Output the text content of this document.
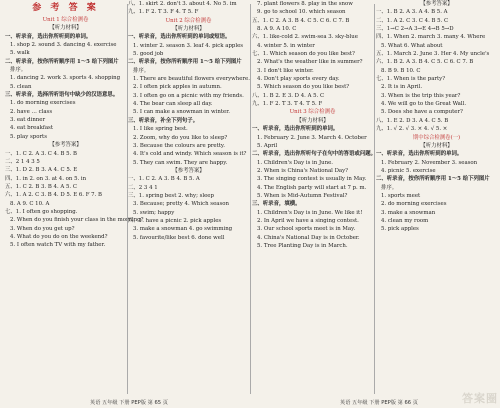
参 考 答 案
Unit 1 综合检测卷
【听力材料】
一、听录音，选出你所听到的单词。
1. shop 2. sound 3. dancing 4. exercise
5. walk
二、听录音，按你所听顺序用 1～5 给下列图片
排序。
1. dancing 2. work 3. sports 4. shopping
5. clean
三、听录音，选择所听语句中缺少的汉语意思。
1. do morning exercises
2. have … class
3. eat dinner
4. eat breakfast
5. play sports
【参考答案】
一、1. C 2. A 3. C 4. B 5. B
二、2 1 4 3 5
三、1. D 2. B 3. A 4. C 5. E
四、1. in 2. on 3. at 4. on 5. in
五、1. C 2. B 3. B 4. A 5. C
六、1. A 2. C 3. B 4. D 5. E 6. F 7. B
8. A 9. C 10. A
七、1. I often go shopping.
2. When do you finish your class in the morning?
3. When do you get up?
4. What do you do on the weekend?
5. I often watch TV with my father.
八、1. skirt 2. don't 3. about 4. No 5. im
九、1. F 2. T 3. F 4. T 5. F
Unit 2 综合检测卷
【听力材料】
一、听录音，选出你所听到的单词或短语。
1. winter 2. season 3. leaf 4. pick apples
5. good job
二、听录音，按你所听顺序用 1～5 给下列图片
排序。
1. There are beautiful flowers everywhere.
2. I often pick apples in autumn.
3. I often go on a picnic with my friends.
4. The bear can sleep all day.
5. I can make a snowman in winter.
三、听录音，补全下列句子。
1. I like spring best.
2. Zoom, why do you like to sleep?
3. Because the colours are pretty.
4. It's cold and windy. Which season is it?
5. They can swim. They are happy.
【参考答案】
一、1. C 2. A 3. B 4. B 5. A
二、2 3 4 1
三、1. spring best 2. why; sleep
3. Because; pretty 4. Which season
5. swim; happy
四、1. have a picnic 2. pick apples
3. make a snowman 4. go swimming
5. favourite/like best 6. done well
7. plant flowers 8. play in the snow
9. go to school 10. which season
五、1. C 2. A 3. B 4. C 5. C 6. C 7. B
8. A 9. A 10. C
六、1. like-cold 2. swim-sea 3. sky-blue
4. winter 5. in winter
七、1. Which season do you like best?
2. What's the weather like in summer?
3. I don't like winter.
4. Don't play sports every day.
5. Which season do you like best?
八、1. B 2. E 3. D 4. A 5. C
九、1. F 2. T 3. T 4. T 5. F
Unit 3 综合检测卷
【听力材料】
一、听录音，选出你所听到的单词。
1. February 2. June 3. March 4. October
5. April
二、听录音，选出你所听句子在句中的答语或问题。
1. Children's Day is in June.
2. When is China's National Day?
3. The singing contest is usually in May.
4. The English party will start at 7 p. m.
5. When is Mid-Autumn Festival?
三、听录音，填横。
1. Children's Day is in June. We like it!
2. In April we have a singing contest.
3. Our school sports meet is in May.
4. China's National Day is in October.
5. Tree Planting Day is in March.
【参考答案】
一、1. B 2. A 3. A 4. B 5. A
二、1. A 2. C 3. C 4. B 5. C
三、1→C 2→A 3→E 4→B 5→D
四、1. When 2. march 3. many 4. Where
5. What 6. What about
五、1. March 2. June 3. Her 4. My uncle's
六、1. B 2. A 3. B 4. C 5. C 6. C 7. B
8. B 9. B 10. C
七、1. When is the party?
2. It is in April.
3. When is the trip this year?
4. We will go to the Great Wall.
5. Does she have a computer?
八、1. E 2. D 3. A 4. C 5. B
九、1. √ 2. √ 3. × 4. √ 5. ×
期中综合检测卷(一)
【听力材料】
一、听录音，选出你所听到的单词。
1. February 2. November 3. season
4. picnic 5. exercise
二、听录音，按你所听顺序用 1～5 给下列图片
排序。
1. sports meet
2. do morning exercises
3. make a snowman
4. clean my room
5. pick apples
英语 五年级 下册 PEP版 第 65 页	英语 五年级 下册 PEP版 第 66 页	答案圈
